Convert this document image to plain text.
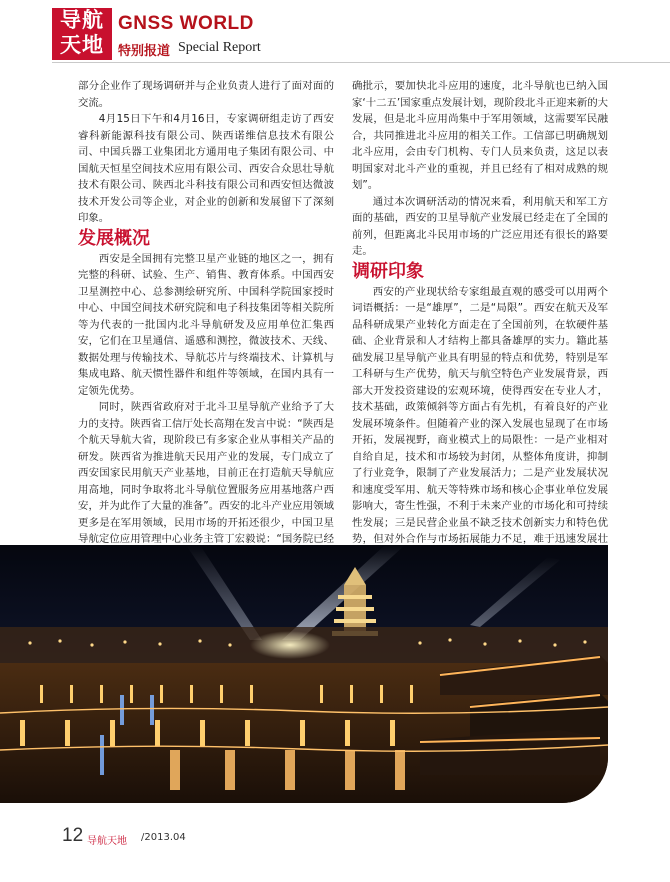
导航
天地
GNSS WORLD
特别报道 Special Report

部分企业作了现场调研并与企业负责人进行了面对面的交流。

4月15日下午和4月16日，专家调研组走访了西安睿科新能源科技有限公司、陕西诺维信息技术有限公司、中国兵器工业集团北方通用电子集团有限公司、中国航天恒星空间技术应用有限公司、西安合众思壮导航技术有限公司、陕西北斗科技有限公司和西安恒达微波技术开发公司等企业，对企业的创新和发展留下了深刻印象。

发展概况

西安是全国拥有完整卫星产业链的地区之一，拥有完整的科研、试验、生产、销售、教育体系。中国西安卫星测控中心、总参测绘研究所、中国科学院国家授时中心、中国空间技术研究院和电子科技集团等相关院所等为代表的一批国内北斗导航研发及应用单位汇集西安，它们在卫星通信、遥感和测控，微波技术、天线、数据处理与传输技术、导航芯片与终端技术、计算机与集成电路、航天惯性器件和组件等领域，在国内具有一定领先优势。

同时，陕西省政府对于北斗卫星导航产业给予了大力的支持。陕西省工信厅处长高翔在发言中说：“陕西是个航天导航大省，现阶段已有多家企业从事相关产品的研发。陕西省为推进航天民用产业的发展，专门成立了西安国家民用航天产业基地，目前正在打造航天导航应用高地，同时争取将北斗导航位置服务应用基地落户西安，并为此作了大量的准备”。西安的北斗产业应用领域更多是在军用领域，民用市场的开拓还很少，中国卫星导航定位应用管理中心业务主管丁宏毅说：“国务院已经

确批示，要加快北斗应用的速度，北斗导航也已纳入国家‘十二五’国家重点发展计划，现阶段北斗正迎来新的大发展，但是北斗应用尚集中于军用领域，这需要军民融合，共同推进北斗应用的相关工作。工信部已明确规划北斗应用，会由专门机构、专门人员来负责，这足以表明国家对北斗产业的重视，并且已经有了相对成熟的规划”。

通过本次调研活动的情况来看，利用航天和军工方面的基础，西安的卫星导航产业发展已经走在了全国的前列，但距离北斗民用市场的广泛应用还有很长的路要走。

调研印象

西安的产业现状给专家组最直观的感受可以用两个词语概括：一是“雄厚”，二是“局限”。西安在航天及军品科研成果产业转化方面走在了全国前列，在软硬件基础、企业背景和人才结构上都具备雄厚的实力。籍此基础发展卫星导航产业具有明显的特点和优势，特别是军工科研与生产优势，航天与航空特色产业发展背景，西部大开发投资建设的宏观环境，使得西安在专业人才，技术基础，政策倾斜等方面占有先机，有着良好的产业发展环境条件。但随着产业的深入发展也显现了在市场开拓，发展视野，商业模式上的局限性：一是产业相对自给自足，技术和市场较为封闭，从整体角度讲，抑制了行业竞争，限制了产业发展活力；二是产业发展状况和速度受军用、航天等特殊市场和核心企事业单位发展影响大，寄生性强，不利于未来产业的市场化和可持续性发展；三是民营企业虽不缺乏技术创新实力和特色优势，但对外合作与市场拓展能力不足，难于迅速发展壮

12 导航天地 /2013.04
